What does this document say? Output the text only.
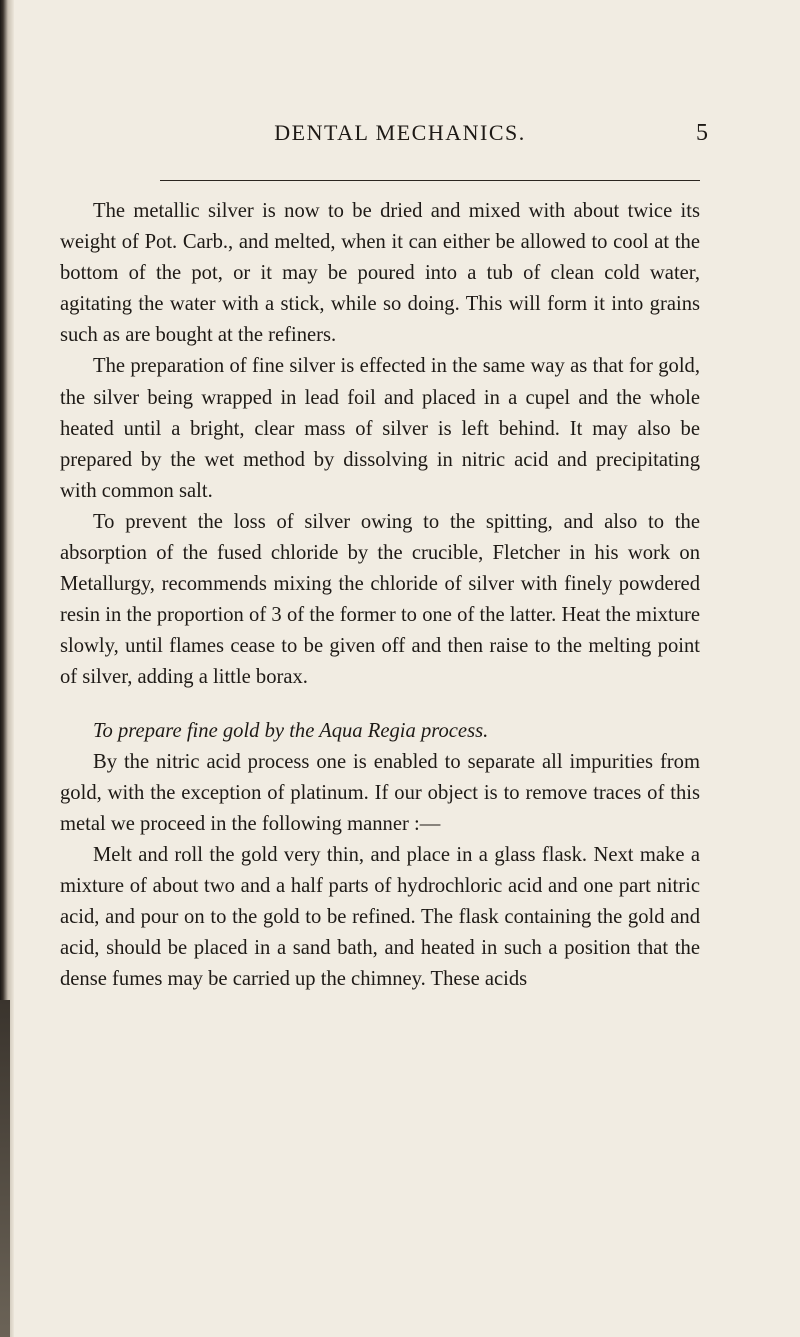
DENTAL MECHANICS.	5

The metallic silver is now to be dried and mixed with about twice its weight of Pot. Carb., and melted, when it can either be allowed to cool at the bottom of the pot, or it may be poured into a tub of clean cold water, agitating the water with a stick, while so doing. This will form it into grains such as are bought at the refiners.

The preparation of fine silver is effected in the same way as that for gold, the silver being wrapped in lead foil and placed in a cupel and the whole heated until a bright, clear mass of silver is left behind. It may also be prepared by the wet method by dissolving in nitric acid and precipitating with common salt.

To prevent the loss of silver owing to the spitting, and also to the absorption of the fused chloride by the crucible, Fletcher in his work on Metallurgy, recommends mixing the chloride of silver with finely powdered resin in the proportion of 3 of the former to one of the latter. Heat the mixture slowly, until flames cease to be given off and then raise to the melting point of silver, adding a little borax.

To prepare fine gold by the Aqua Regia process.

By the nitric acid process one is enabled to separate all impurities from gold, with the exception of platinum. If our object is to remove traces of this metal we proceed in the following manner :—

Melt and roll the gold very thin, and place in a glass flask. Next make a mixture of about two and a half parts of hydrochloric acid and one part nitric acid, and pour on to the gold to be refined. The flask containing the gold and acid, should be placed in a sand bath, and heated in such a position that the dense fumes may be carried up the chimney. These acids
